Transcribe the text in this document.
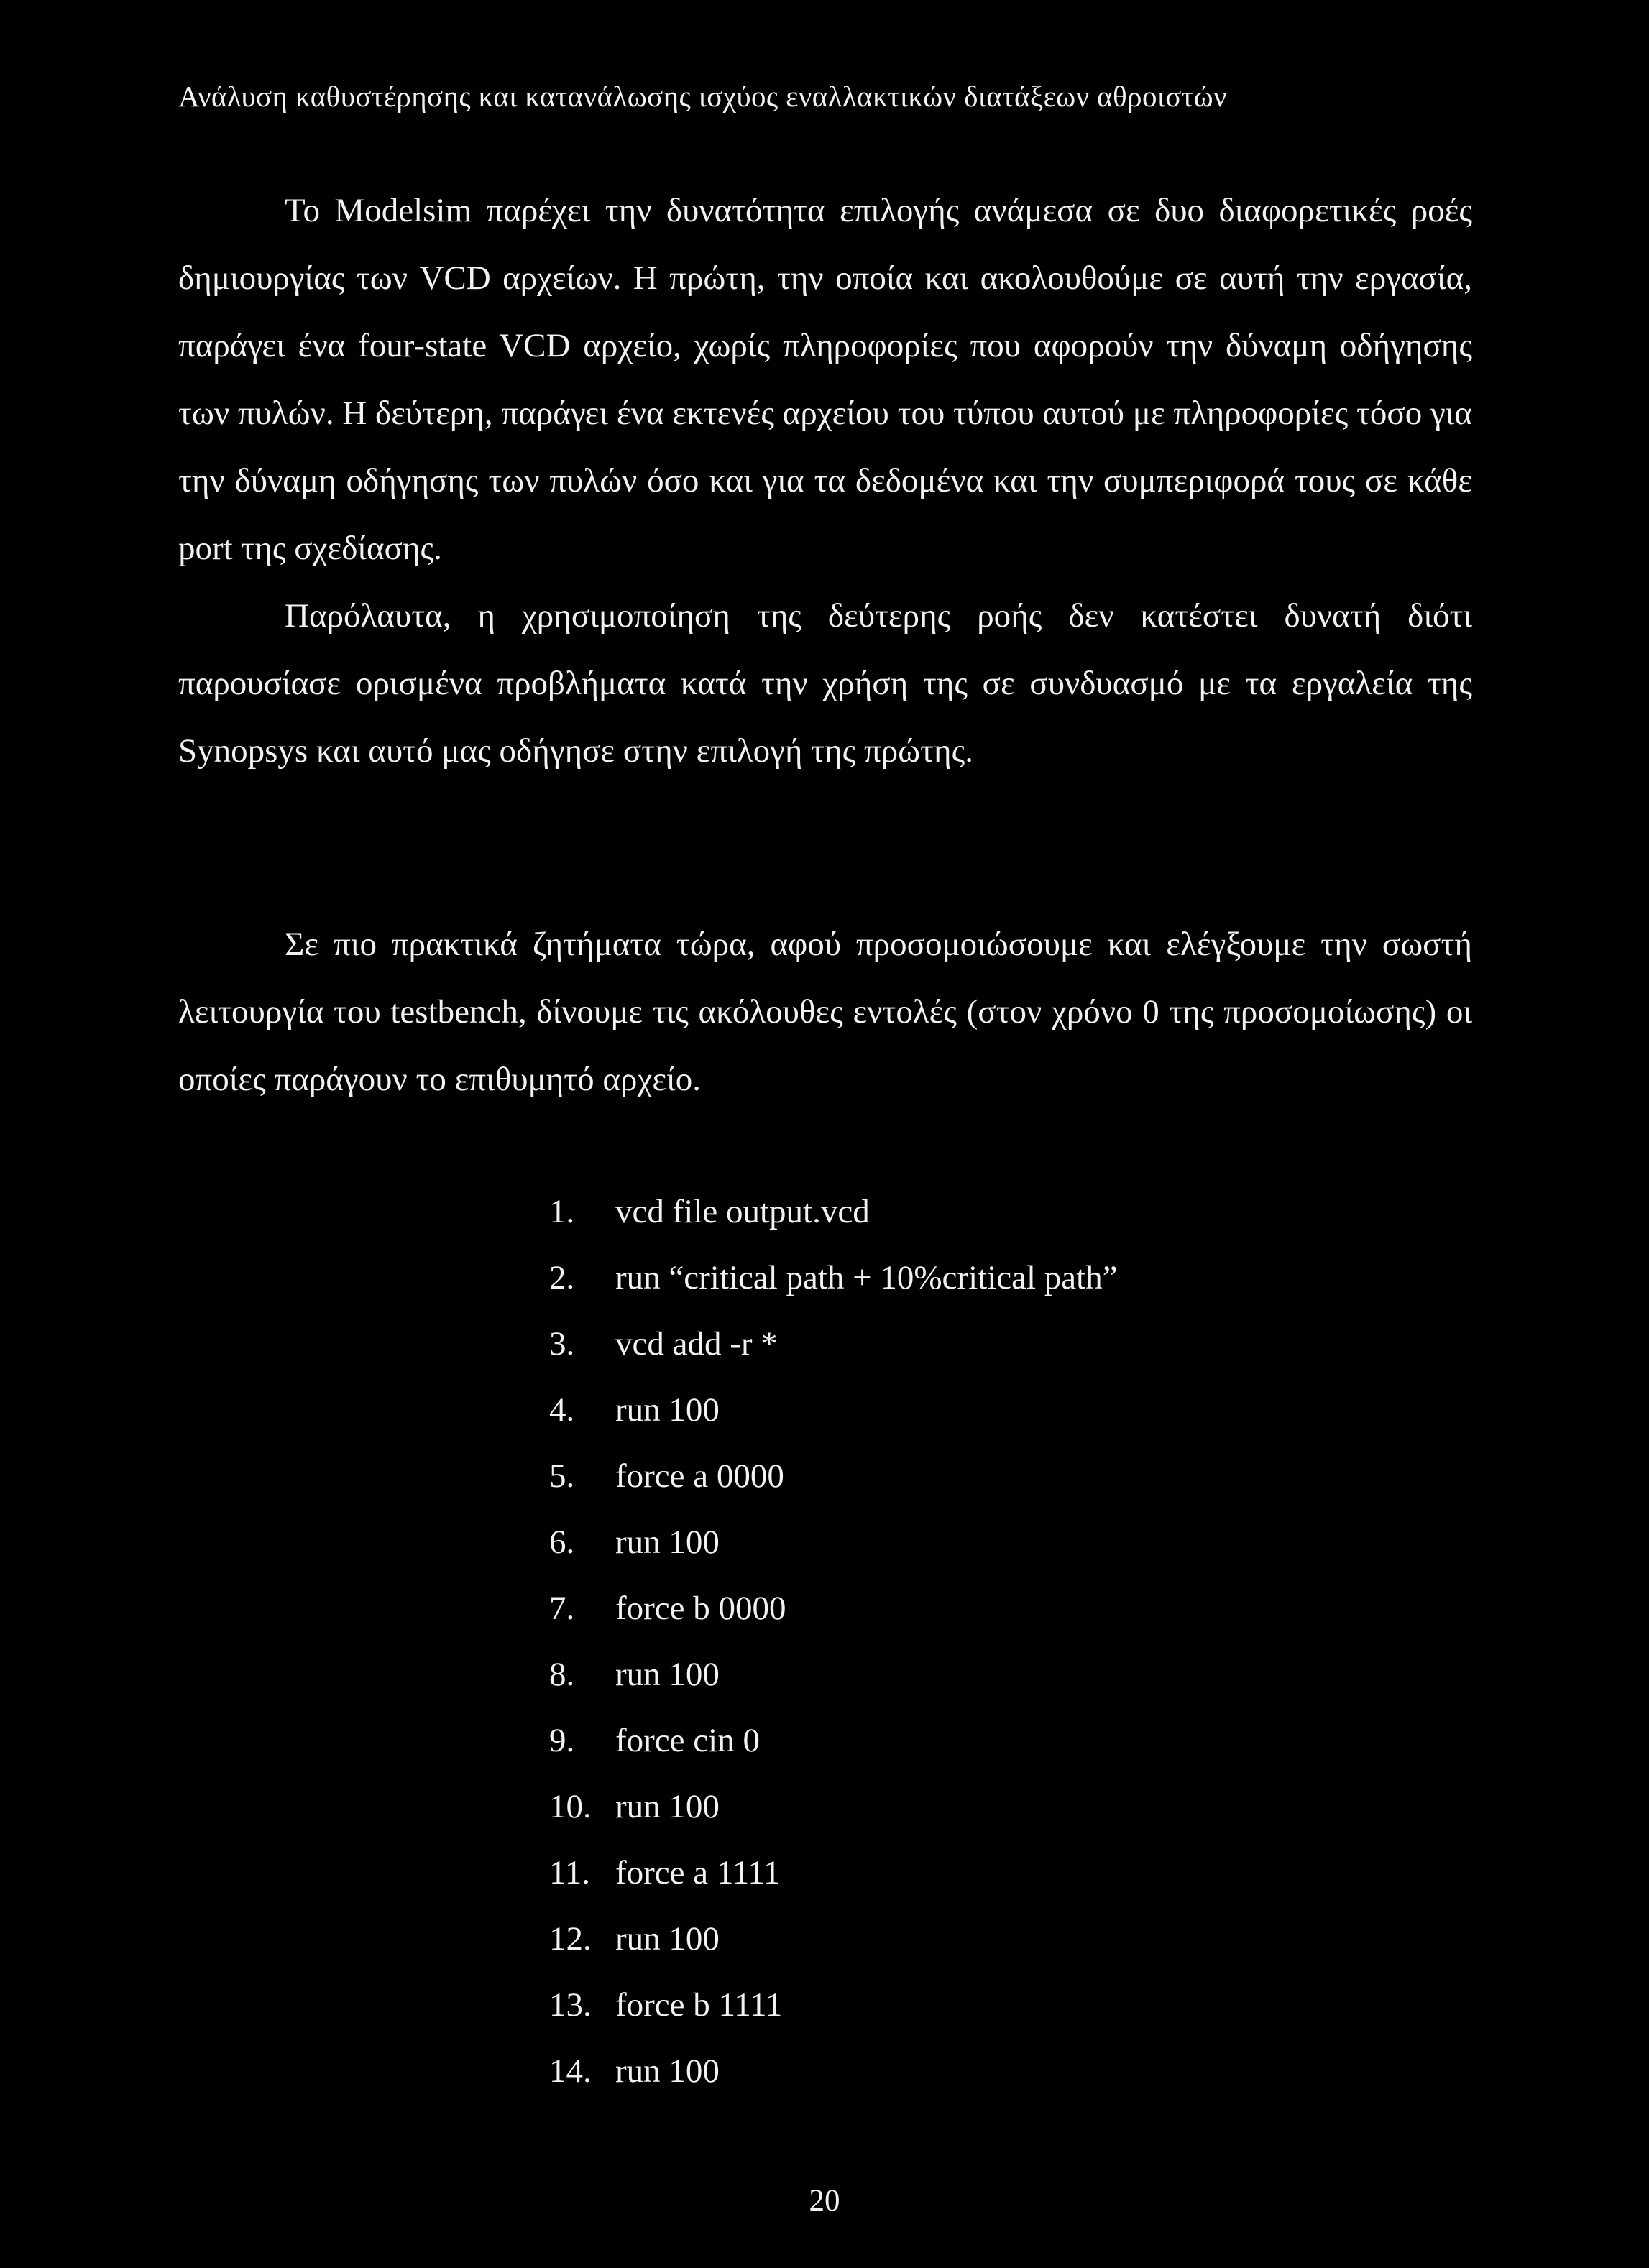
Ανάλυση καθυστέρησης και κατανάλωσης ισχύος εναλλακτικών διατάξεων αθροιστών

Το Modelsim παρέχει την δυνατότητα επιλογής ανάμεσα σε δυο διαφορετικές ροές δημιουργίας των VCD αρχείων. Η πρώτη, την οποία και ακολουθούμε σε αυτή την εργασία, παράγει ένα four-state VCD αρχείο, χωρίς πληροφορίες που αφορούν την δύναμη οδήγησης των πυλών. Η δεύτερη, παράγει ένα εκτενές αρχείου του τύπου αυτού με πληροφορίες τόσο για την δύναμη οδήγησης των πυλών όσο και για τα δεδομένα και την συμπεριφορά τους σε κάθε port της σχεδίασης.

Παρόλαυτα, η χρησιμοποίηση της δεύτερης ροής δεν κατέστει δυνατή διότι παρουσίασε ορισμένα προβλήματα κατά την χρήση της σε συνδυασμό με τα εργαλεία της Synopsys και αυτό μας οδήγησε στην επιλογή της πρώτης.

Σε πιο πρακτικά ζητήματα τώρα, αφού προσομοιώσουμε και ελέγξουμε την σωστή λειτουργία του testbench, δίνουμε τις ακόλουθες εντολές (στον χρόνο 0 της προσομοίωσης) οι οποίες παράγουν το επιθυμητό αρχείο.

1.	vcd file output.vcd
2.	run “critical path + 10%critical path”
3.	vcd add -r *
4.	run 100
5.	force a 0000
6.	run 100
7.	force b 0000
8.	run 100
9.	force cin 0
10. run 100
11. force a 1111
12. run 100
13. force b 1111
14. run 100
20
